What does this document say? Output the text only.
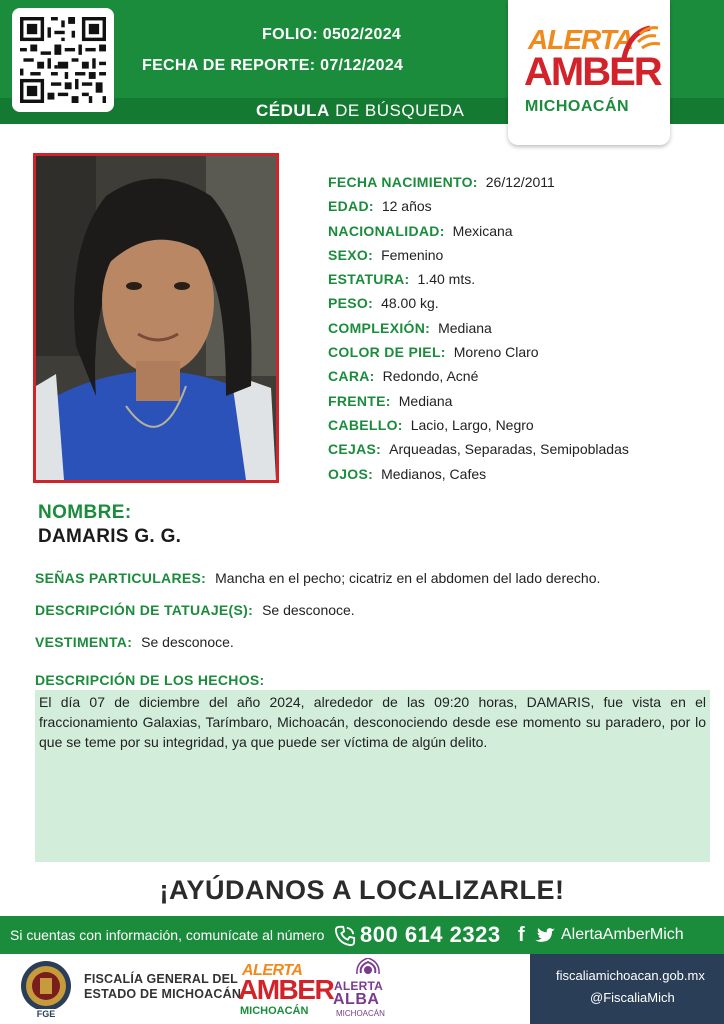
CÉDULA DE BÚSQUEDA
FOLIO: 0502/2024
FECHA DE REPORTE: 07/12/2024
ALERTA
AMBER
MICHOACÁN
FECHA NACIMIENTO: 26/12/2011
EDAD: 12 años
NACIONALIDAD: Mexicana
SEXO: Femenino
ESTATURA: 1.40 mts.
PESO: 48.00 kg.
COMPLEXIÓN: Mediana
COLOR DE PIEL: Moreno Claro
CARA: Redondo, Acné
FRENTE: Mediana
CABELLO: Lacio, Largo, Negro
CEJAS: Arqueadas, Separadas, Semipobladas
OJOS: Medianos, Cafes
NOMBRE:
DAMARIS G. G.
SEÑAS PARTICULARES: Mancha en el pecho; cicatriz en el abdomen del lado derecho.
DESCRIPCIÓN DE TATUAJE(S): Se desconoce.
VESTIMENTA: Se desconoce.
DESCRIPCIÓN DE LOS HECHOS:
El día 07 de diciembre del año 2024, alrededor de las 09:20 horas, DAMARIS, fue vista en el fraccionamiento Galaxias, Tarímbaro, Michoacán, desconociendo desde ese momento su paradero, por lo que se teme por su integridad, ya que puede ser víctima de algún delito.
¡AYÚDANOS A LOCALIZARLE!
Si cuentas con información, comunícate al número 800 614 2323 f AlertaAmberMich
FGE
FISCALÍA GENERAL DEL
ESTADO DE MICHOACÁN
ALERTA
AMBER
MICHOACÁN
ALERTA
ALBA
MICHOACÁN
fiscaliamichoacan.gob.mx
@FiscaliaMich
